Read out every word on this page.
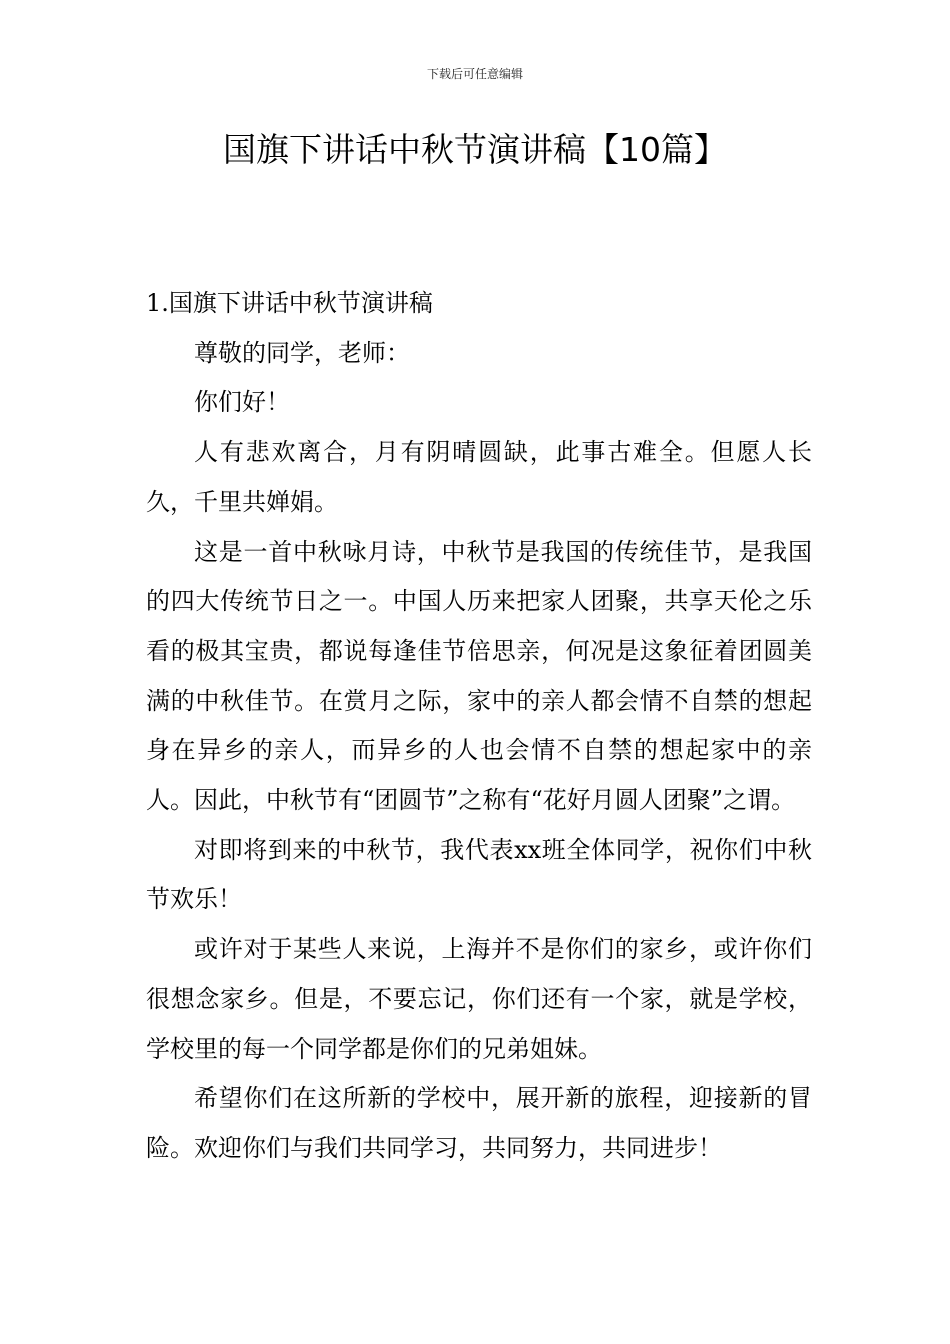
下载后可任意编辑
国旗下讲话中秋节演讲稿【10篇】

1.国旗下讲话中秋节演讲稿

尊敬的同学，老师：

你们好！

人有悲欢离合，月有阴晴圆缺，此事古难全。但愿人长久，千里共婵娟。

这是一首中秋咏月诗，中秋节是我国的传统佳节，是我国的四大传统节日之一。中国人历来把家人团聚，共享天伦之乐看的极其宝贵，都说每逢佳节倍思亲，何况是这象征着团圆美满的中秋佳节。在赏月之际，家中的亲人都会情不自禁的想起身在异乡的亲人，而异乡的人也会情不自禁的想起家中的亲人。因此，中秋节有“团圆节”之称有“花好月圆人团聚”之谓。

对即将到来的中秋节，我代表xx班全体同学，祝你们中秋节欢乐！

或许对于某些人来说，上海并不是你们的家乡，或许你们很想念家乡。但是，不要忘记，你们还有一个家，就是学校，学校里的每一个同学都是你们的兄弟姐妹。

希望你们在这所新的学校中，展开新的旅程，迎接新的冒险。欢迎你们与我们共同学习，共同努力，共同进步！
